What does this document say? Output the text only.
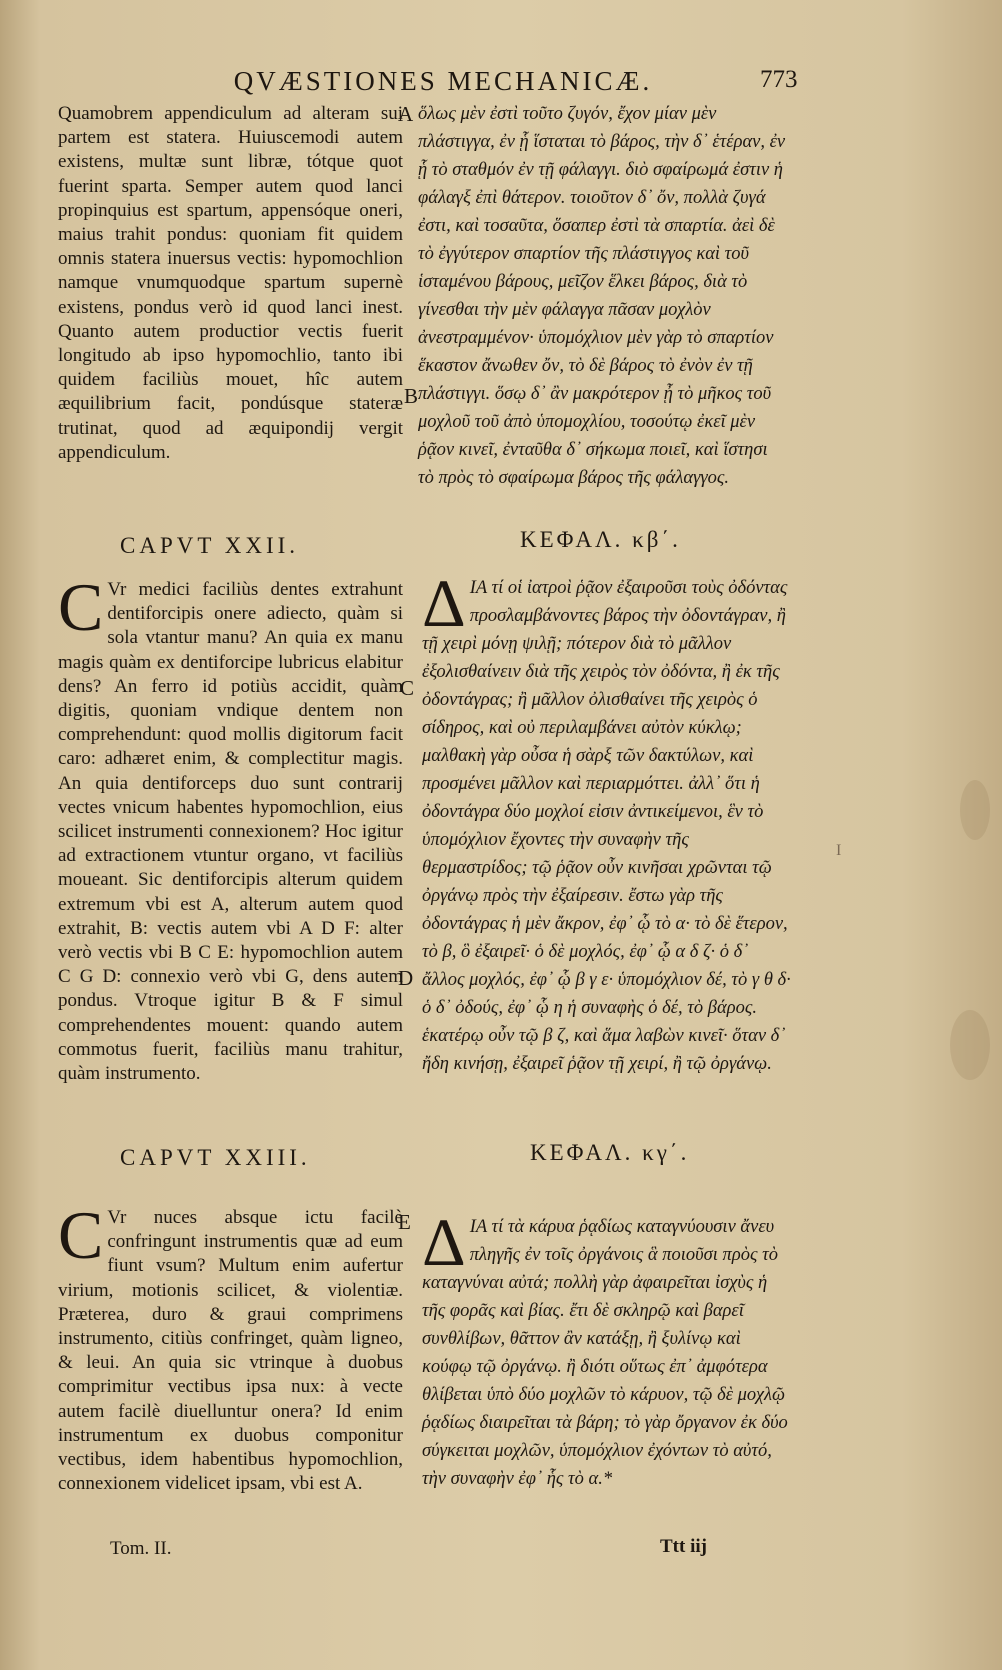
QVÆSTIONES MECHANICÆ.	773

Quamobrem appendiculum ad alteram sui partem est statera. Huiuscemodi autem existens, multæ sunt libræ, tótque quot fuerint sparta. Semper autem quod lanci propinquius est spartum, appensóque oneri, maius trahit pondus: quoniam fit quidem omnis statera inuersus vectis: hypomochlion namque vnumquodque spartum supernè existens, pondus verò id quod lanci inest. Quanto autem productior vectis fuerit longitudo ab ipso hypomochlio, tanto ibi quidem faciliùs mouet, hîc autem æquilibrium facit, pondúsque stateræ trutinat, quod ad æquipondij vergit appendiculum.

CAPVT XXII.

C Vr medici faciliùs dentes extrahunt dentiforcipis onere adiecto, quàm si sola vtantur manu? An quia ex manu magis quàm ex dentiforcipe lubricus elabitur dens? An ferro id potiùs accidit, quàm digitis, quoniam vndique dentem non comprehendunt: quod mollis digitorum facit caro: adhæret enim, & complectitur magis. An quia dentiforceps duo sunt contrarij vectes vnicum habentes hypomochlion, eius scilicet instrumenti connexionem? Hoc igitur ad extractionem vtuntur organo, vt faciliùs moueant. Sic dentiforcipis alterum quidem extremum vbi est A, alterum autem quod extrahit, B: vectis autem vbi A D F: alter verò vectis vbi B C E: hypomochlion autem C G D: connexio verò vbi G, dens autem pondus. Vtroque igitur B & F simul comprehendentes mouent: quando autem commotus fuerit, faciliùs manu trahitur, quàm instrumento.

CAPVT XXIII.

C Vr nuces absque ictu facilè confringunt instrumentis quæ ad eum fiunt vsum? Multum enim aufertur virium, motionis scilicet, & violentiæ. Præterea, duro & graui comprimens instrumento, citiùs confringet, quàm ligneo, & leui. An quia sic vtrinque à duobus comprimitur vectibus ipsa nux: à vecte autem facilè diuelluntur onera? Id enim instrumentum ex duobus componitur vectibus, idem habentibus hypomochlion, connexionem videlicet ipsam, vbi est A.

Tom. II.
A
B
C
D
E

ὅλως μὲν ἐστὶ τοῦτο ζυγόν, ἔχον μίαν μὲν πλάστιγγα, ἐν ᾗ ἵσταται τὸ βάρος, τὴν δ᾽ ἑτέραν, ἐν ᾗ τὸ σταθμόν ἐν τῇ φάλαγγι. διὸ σφαίρωμά ἐστιν ἡ φάλαγξ ἐπὶ θάτερον. τοιοῦτον δ᾽ ὄν, πολλὰ ζυγά ἐστι, καὶ τοσαῦτα, ὅσαπερ ἐστὶ τὰ σπαρτία. ἀεὶ δὲ τὸ ἐγγύτερον σπαρτίον τῆς πλάστιγγος καὶ τοῦ ἱσταμένου βάρους, μεῖζον ἕλκει βάρος, διὰ τὸ γίνεσθαι τὴν μὲν φάλαγγα πᾶσαν μοχλὸν ἀνεστραμμένον· ὑπομόχλιον μὲν γὰρ τὸ σπαρτίον ἕκαστον ἄνωθεν ὄν, τὸ δὲ βάρος τὸ ἐνὸν ἐν τῇ πλάστιγγι. ὅσῳ δ᾽ ἂν μακρότερον ᾖ τὸ μῆκος τοῦ μοχλοῦ τοῦ ἀπὸ ὑπομοχλίου, τοσούτῳ ἐκεῖ μὲν ῥᾷον κινεῖ, ἐνταῦθα δ᾽ σήκωμα ποιεῖ, καὶ ἵστησι τὸ πρὸς τὸ σφαίρωμα βάρος τῆς φάλαγγος.

ΚΕΦΑΛ. κβ΄.

ΔΙΑ τί οἱ ἰατροὶ ῥᾷον ἐξαιροῦσι τοὺς ὀδόντας προσλαμβάνοντες βάρος τὴν ὀδοντάγραν, ἢ τῇ χειρὶ μόνῃ ψιλῇ; πότερον διὰ τὸ μᾶλλον ἐξολισθαίνειν διὰ τῆς χειρὸς τὸν ὀδόντα, ἢ ἐκ τῆς ὀδοντάγρας; ἢ μᾶλλον ὀλισθαίνει τῆς χειρὸς ὁ σίδηρος, καὶ οὐ περιλαμβάνει αὐτὸν κύκλῳ; μαλθακὴ γὰρ οὖσα ἡ σὰρξ τῶν δακτύλων, καὶ προσμένει μᾶλλον καὶ περιαρμόττει. ἀλλ᾽ ὅτι ἡ ὀδοντάγρα δύο μοχλοί εἰσιν ἀντικείμενοι, ἓν τὸ ὑπομόχλιον ἔχοντες τὴν συναφὴν τῆς θερμαστρίδος; τῷ ῥᾷον οὖν κινῆσαι χρῶνται τῷ ὀργάνῳ πρὸς τὴν ἐξαίρεσιν. ἔστω γὰρ τῆς ὀδοντάγρας ἡ μὲν ἄκρον, ἐφ᾽ ᾧ τὸ α· τὸ δὲ ἕτερον, τὸ β, ὃ ἐξαιρεῖ· ὁ δὲ μοχλός, ἐφ᾽ ᾧ α δ ζ· ὁ δ᾽ ἄλλος μοχλός, ἐφ᾽ ᾧ β γ ε· ὑπομόχλιον δέ, τὸ γ θ δ· ὁ δ᾽ ὀδούς, ἐφ᾽ ᾧ η ἡ συναφὴς ὁ δέ, τὸ βάρος. ἑκατέρῳ οὖν τῷ β ζ, καὶ ἅμα λαβὼν κινεῖ· ὅταν δ᾽ ἤδη κινήσῃ, ἐξαιρεῖ ῥᾷον τῇ χειρί, ἢ τῷ ὀργάνῳ.

ΚΕΦΑΛ. κγ΄.

ΔΙΑ τί τὰ κάρυα ῥᾳδίως καταγνύουσιν ἄνευ πληγῆς ἐν τοῖς ὀργάνοις ἃ ποιοῦσι πρὸς τὸ καταγνύναι αὐτά; πολλὴ γὰρ ἀφαιρεῖται ἰσχὺς ἡ τῆς φορᾶς καὶ βίας. ἔτι δὲ σκληρῷ καὶ βαρεῖ συνθλίβων, θᾶττον ἂν κατάξῃ, ἢ ξυλίνῳ καὶ κούφῳ τῷ ὀργάνῳ. ἢ διότι οὕτως ἐπ᾽ ἀμφότερα θλίβεται ὑπὸ δύο μοχλῶν τὸ κάρυον, τῷ δὲ μοχλῷ ῥᾳδίως διαιρεῖται τὰ βάρη; τὸ γὰρ ὄργανον ἐκ δύο σύγκειται μοχλῶν, ὑπομόχλιον ἐχόντων τὸ αὐτό, τὴν συναφὴν ἐφ᾽ ἧς τὸ α.*

Ttt iij
I
